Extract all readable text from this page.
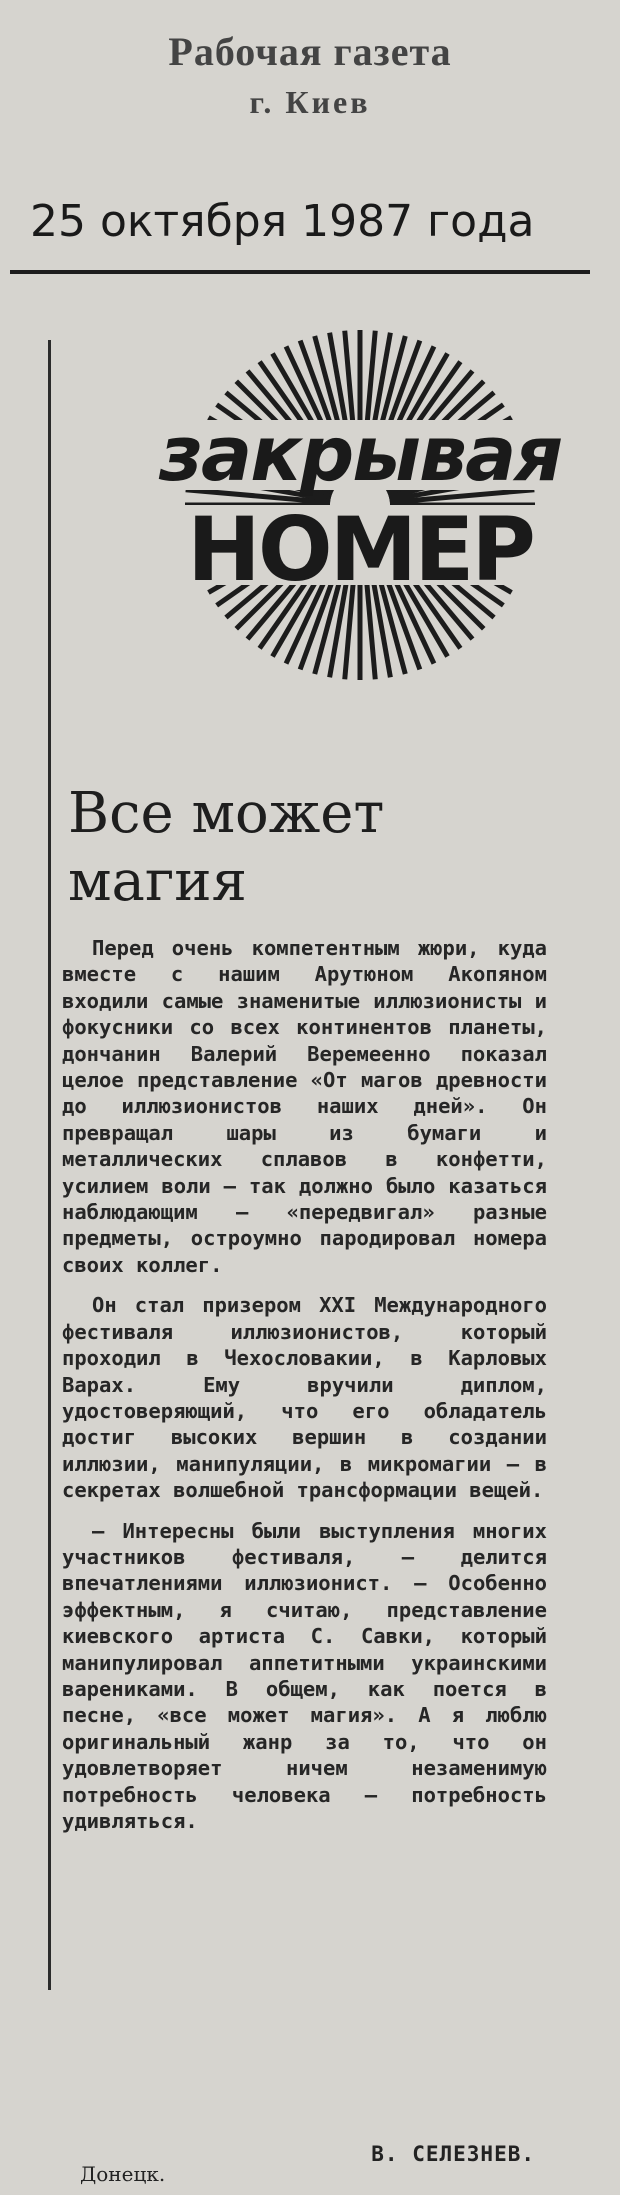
Рабочая газета
г. Киев
25 октября 1987 года
закрывая
НОМЕР
Все может
магия

Перед очень компетентным жюри, куда вместе с нашим Арутюном Акопяном входили самые знаменитые иллюзионисты и фокусники со всех континентов планеты, дончанин Валерий Веремеенно показал целое представление «От магов древности до иллюзионистов наших дней». Он превращал шары из бумаги и металлических сплавов в конфетти, усилием воли — так должно было казаться наблюдающим — «передвигал» разные предметы, остроумно пародировал номера своих коллег.

Он стал призером XXI Международного фестиваля иллюзионистов, который проходил в Чехословакии, в Карловых Варах. Ему вручили диплом, удостоверяющий, что его обладатель достиг высоких вершин в создании иллюзии, манипуляции, в микромагии — в секретах волшебной трансформации вещей.

— Интересны были выступления многих участников фестиваля, — делится впечатлениями иллюзионист. — Особенно эффектным, я считаю, представление киевского артиста С. Савки, который манипулировал аппетитными украинскими варениками. В общем, как поется в песне, «все может магия». А я люблю оригинальный жанр за то, что он удовлетворяет ничем незаменимую потребность человека — потребность удивляться.

Донецк.
В. СЕЛЕЗНЕВ.
